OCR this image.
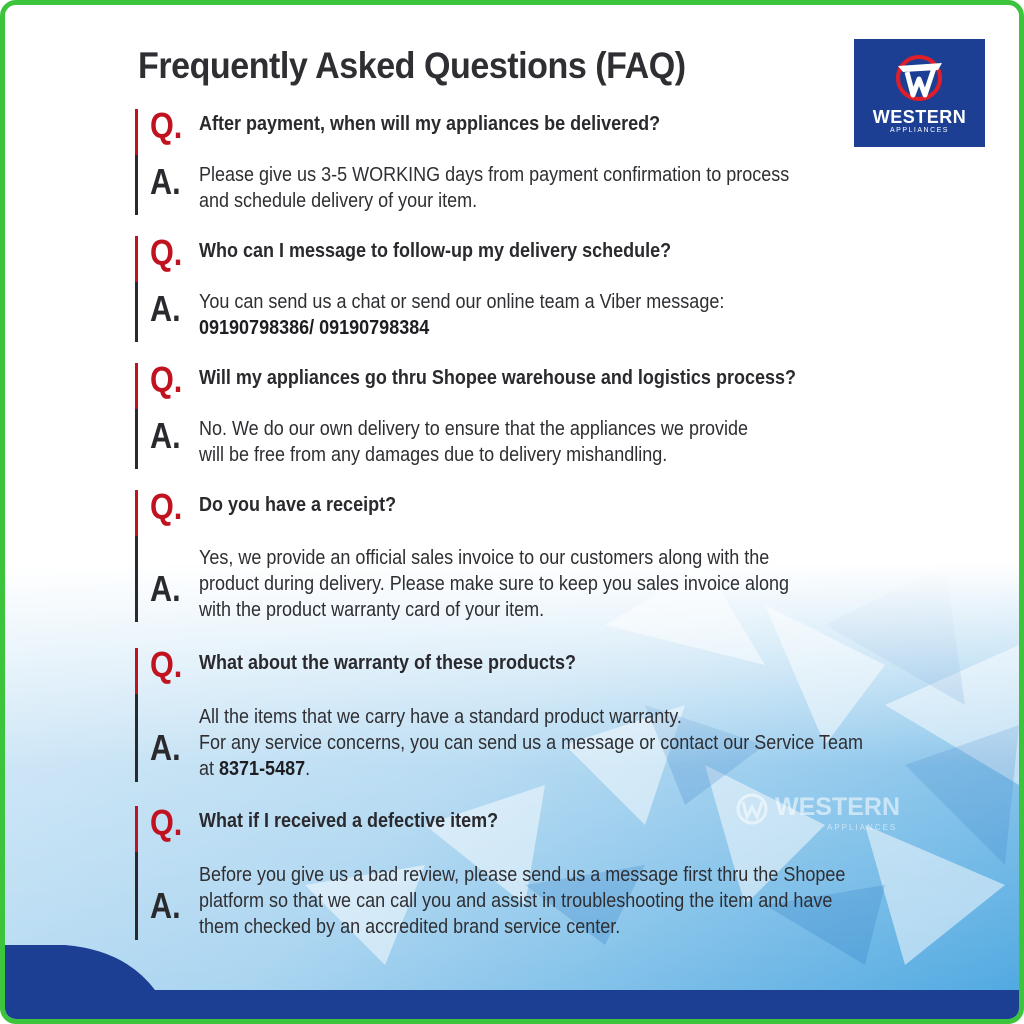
Frequently Asked Questions (FAQ)
WESTERN
APPLIANCES
Q. After payment, when will my appliances be delivered?
A. Please give us 3-5 WORKING days from payment confirmation to process
and schedule delivery of your item.
Q. Who can I message to follow-up my delivery schedule?
A. You can send us a chat or send our online team a Viber message:
09190798386/ 09190798384
Q. Will my appliances go thru Shopee warehouse and logistics process?
A. No. We do our own delivery to ensure that the appliances we provide
will be free from any damages due to delivery mishandling.
Q. Do you have a receipt?
A.
Yes, we provide an official sales invoice to our customers along with the
product during delivery. Please make sure to keep you sales invoice along
with the product warranty card of your item.
Q. What about the warranty of these products?
A.
All the items that we carry have a standard product warranty.
For any service concerns, you can send us a message or contact our Service Team
at 8371-5487.
Q. What if I received a defective item?
A.
Before you give us a bad review, please send us a message first thru the Shopee
platform so that we can call you and assist in troubleshooting the item and have
them checked by an accredited brand service center.
WESTERN
APPLIANCES
